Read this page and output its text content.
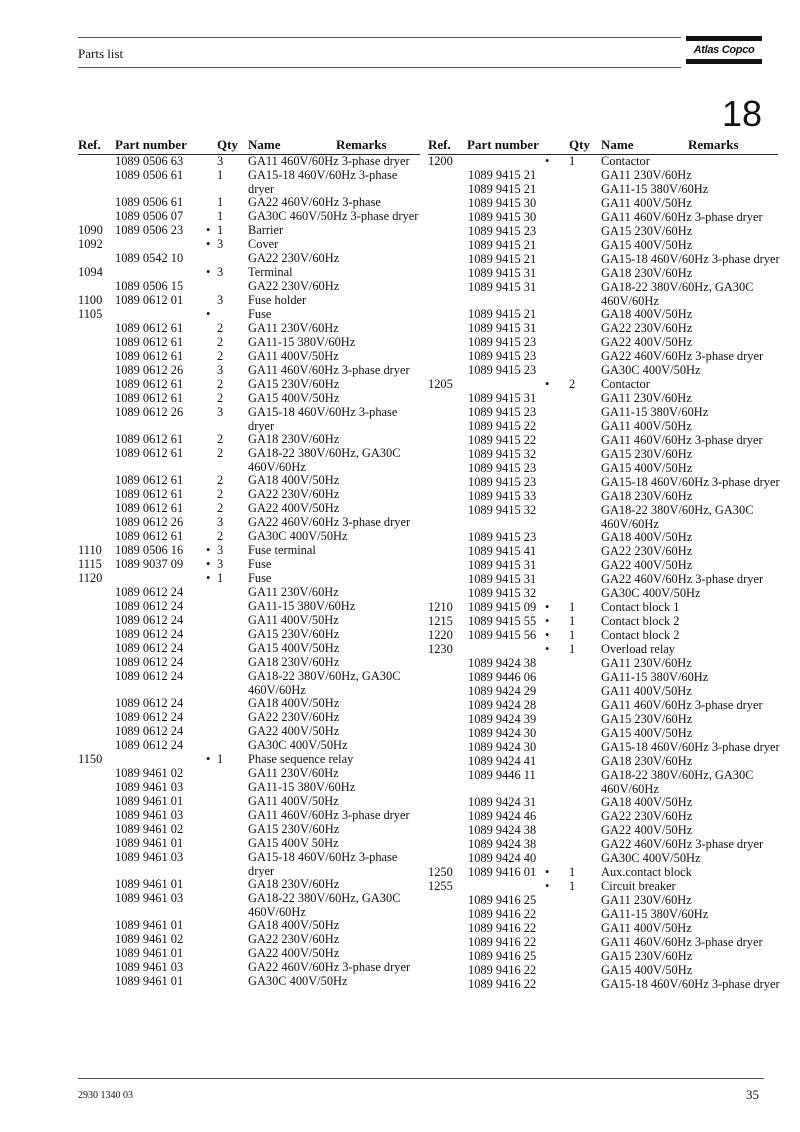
Parts list	Atlas Copco
18
Ref. Part number Qty Name	Remarks
1089 0506 63	3 GA11 460V/60Hz 3-phase dryer
1089 0506 61	1 GA15-18 460V/60Hz 3-phase dryer
1089 0506 61	1 GA22 460V/60Hz 3-phase
1089 0506 07	1 GA30C 460V/50Hz 3-phase dryer
1090 1089 0506 23 • 1 Barrier
1092	• 3 Cover
1089 0542 10	GA22 230V/60Hz
1094	• 3 Terminal
1089 0506 15	GA22 230V/60Hz
1100 1089 0612 01	3 Fuse holder
1105	•	Fuse
1089 0612 61	2 GA11 230V/60Hz
1089 0612 61	2 GA11-15 380V/60Hz
1089 0612 61	2 GA11 400V/50Hz
1089 0612 26	3 GA11 460V/60Hz 3-phase dryer
1089 0612 61	2 GA15 230V/60Hz
1089 0612 61	2 GA15 400V/50Hz
1089 0612 26	3 GA15-18 460V/60Hz 3-phase dryer
1089 0612 61	2 GA18 230V/60Hz
1089 0612 61	2 GA18-22 380V/60Hz, GA30C 460V/60Hz
1089 0612 61	2 GA18 400V/50Hz
1089 0612 61	2 GA22 230V/60Hz
1089 0612 61	2 GA22 400V/50Hz
1089 0612 26	3 GA22 460V/60Hz 3-phase dryer
1089 0612 61	2 GA30C 400V/50Hz
1110 1089 0506 16 • 3 Fuse terminal
1115 1089 9037 09 • 3 Fuse
1120	• 1 Fuse
1089 0612 24	GA11 230V/60Hz
1089 0612 24	GA11-15 380V/60Hz
1089 0612 24	GA11 400V/50Hz
1089 0612 24	GA15 230V/60Hz
1089 0612 24	GA15 400V/50Hz
1089 0612 24	GA18 230V/60Hz
1089 0612 24	GA18-22 380V/60Hz, GA30C 460V/60Hz
1089 0612 24	GA18 400V/50Hz
1089 0612 24	GA22 230V/60Hz
1089 0612 24	GA22 400V/50Hz
1089 0612 24	GA30C 400V/50Hz
1150	• 1 Phase sequence relay
1089 9461 02	GA11 230V/60Hz
1089 9461 03	GA11-15 380V/60Hz
1089 9461 01	GA11 400V/50Hz
1089 9461 03	GA11 460V/60Hz 3-phase dryer
1089 9461 02	GA15 230V/60Hz
1089 9461 01	GA15 400V 50Hz
1089 9461 03	GA15-18 460V/60Hz 3-phase dryer
1089 9461 01	GA18 230V/60Hz
1089 9461 03	GA18-22 380V/60Hz, GA30C 460V/60Hz
1089 9461 01	GA18 400V/50Hz
1089 9461 02	GA22 230V/60Hz
1089 9461 01	GA22 400V/50Hz
1089 9461 03	GA22 460V/60Hz 3-phase dryer
1089 9461 01	GA30C 400V/50Hz
Ref. Part number Qty Name	Remarks
1200	• 1 Contactor
1089 9415 21	GA11 230V/60Hz
1089 9415 21	GA11-15 380V/60Hz
1089 9415 30	GA11 400V/50Hz
1089 9415 30	GA11 460V/60Hz 3-phase dryer
1089 9415 23	GA15 230V/60Hz
1089 9415 21	GA15 400V/50Hz
1089 9415 21	GA15-18 460V/60Hz 3-phase dryer
1089 9415 31	GA18 230V/60Hz
1089 9415 31	GA18-22 380V/60Hz, GA30C 460V/60Hz
1089 9415 21	GA18 400V/50Hz
1089 9415 31	GA22 230V/60Hz
1089 9415 23	GA22 400V/50Hz
1089 9415 23	GA22 460V/60Hz 3-phase dryer
1089 9415 23	GA30C 400V/50Hz
1205	• 2 Contactor
1089 9415 31	GA11 230V/60Hz
1089 9415 23	GA11-15 380V/60Hz
1089 9415 22	GA11 400V/50Hz
1089 9415 22	GA11 460V/60Hz 3-phase dryer
1089 9415 32	GA15 230V/60Hz
1089 9415 23	GA15 400V/50Hz
1089 9415 23	GA15-18 460V/60Hz 3-phase dryer
1089 9415 33	GA18 230V/60Hz
1089 9415 32	GA18-22 380V/60Hz, GA30C 460V/60Hz
1089 9415 23	GA18 400V/50Hz
1089 9415 41	GA22 230V/60Hz
1089 9415 31	GA22 400V/50Hz
1089 9415 31	GA22 460V/60Hz 3-phase dryer
1089 9415 32	GA30C 400V/50Hz
1210 1089 9415 09 • 1 Contact block 1
1215 1089 9415 55 • 1 Contact block 2
1220 1089 9415 56 • 1 Contact block 2
1230	• 1 Overload relay
1089 9424 38	GA11 230V/60Hz
1089 9446 06	GA11-15 380V/60Hz
1089 9424 29	GA11 400V/50Hz
1089 9424 28	GA11 460V/60Hz 3-phase dryer
1089 9424 39	GA15 230V/60Hz
1089 9424 30	GA15 400V/50Hz
1089 9424 30	GA15-18 460V/60Hz 3-phase dryer
1089 9424 41	GA18 230V/60Hz
1089 9446 11	GA18-22 380V/60Hz, GA30C 460V/60Hz
1089 9424 31	GA18 400V/50Hz
1089 9424 46	GA22 230V/60Hz
1089 9424 38	GA22 400V/50Hz
1089 9424 38	GA22 460V/60Hz 3-phase dryer
1089 9424 40	GA30C 400V/50Hz
1250 1089 9416 01 • 1 Aux.contact block
1255	• 1 Circuit breaker
1089 9416 25	GA11 230V/60Hz
1089 9416 22	GA11-15 380V/60Hz
1089 9416 22	GA11 400V/50Hz
1089 9416 22	GA11 460V/60Hz 3-phase dryer
1089 9416 25	GA15 230V/60Hz
1089 9416 22	GA15 400V/50Hz
1089 9416 22	GA15-18 460V/60Hz 3-phase dryer
2930 1340 03	35
